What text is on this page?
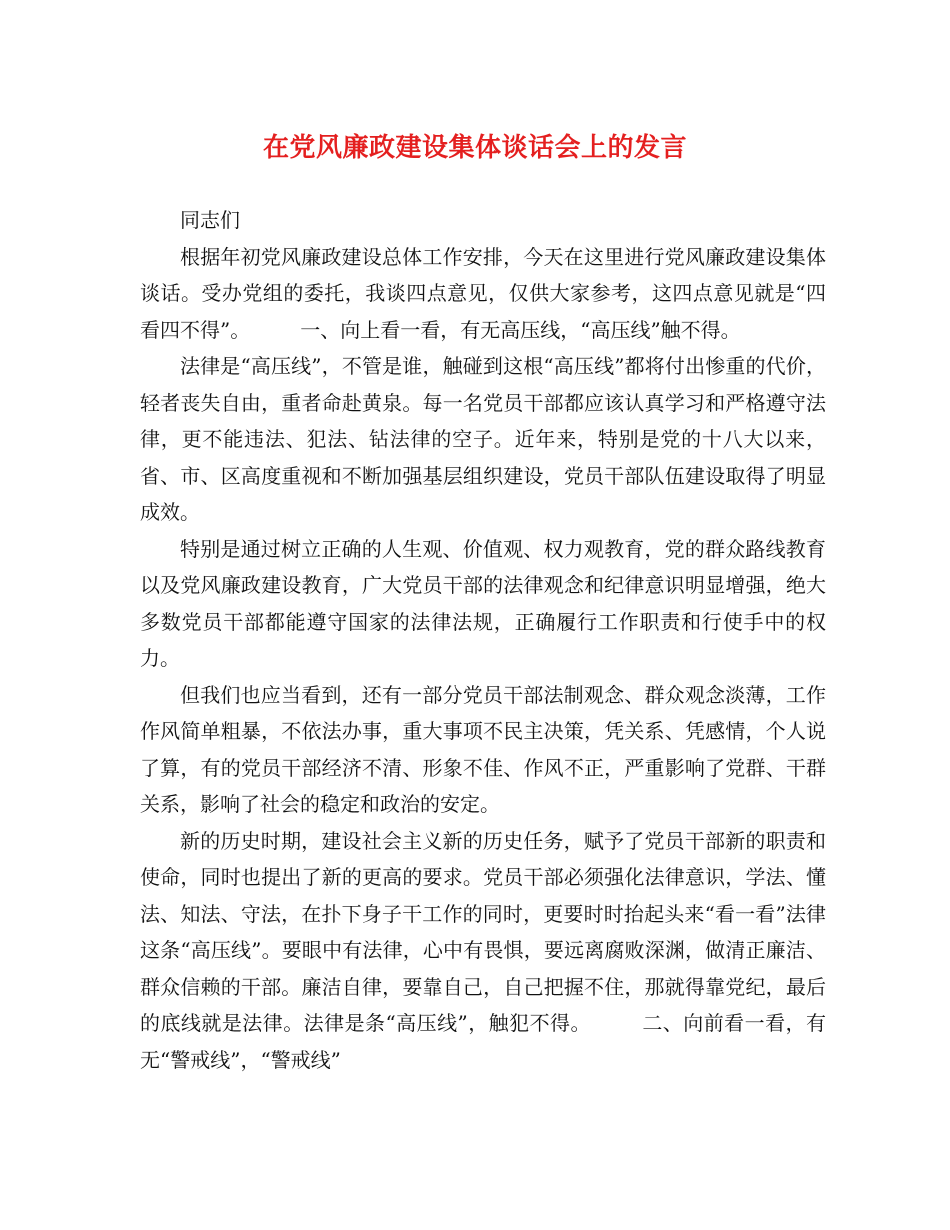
在党风廉政建设集体谈话会上的发言

同志们

根据年初党风廉政建设总体工作安排，今天在这里进行党风廉政建设集体谈话。受办党组的委托，我谈四点意见，仅供大家参考，这四点意见就是“四看四不得”。　　　一、向上看一看，有无高压线，“高压线”触不得。

法律是“高压线”，不管是谁，触碰到这根“高压线”都将付出惨重的代价，轻者丧失自由，重者命赴黄泉。每一名党员干部都应该认真学习和严格遵守法律，更不能违法、犯法、钻法律的空子。近年来，特别是党的十八大以来，省、市、区高度重视和不断加强基层组织建设，党员干部队伍建设取得了明显成效。

特别是通过树立正确的人生观、价值观、权力观教育，党的群众路线教育以及党风廉政建设教育，广大党员干部的法律观念和纪律意识明显增强，绝大多数党员干部都能遵守国家的法律法规，正确履行工作职责和行使手中的权力。

但我们也应当看到，还有一部分党员干部法制观念、群众观念淡薄，工作作风简单粗暴，不依法办事，重大事项不民主决策，凭关系、凭感情，个人说了算，有的党员干部经济不清、形象不佳、作风不正，严重影响了党群、干群关系，影响了社会的稳定和政治的安定。

新的历史时期，建设社会主义新的历史任务，赋予了党员干部新的职责和使命，同时也提出了新的更高的要求。党员干部必须强化法律意识，学法、懂法、知法、守法，在扑下身子干工作的同时，更要时时抬起头来“看一看”法律这条“高压线”。要眼中有法律，心中有畏惧，要远离腐败深渊，做清正廉洁、群众信赖的干部。廉洁自律，要靠自己，自己把握不住，那就得靠党纪，最后的底线就是法律。法律是条“高压线”，触犯不得。　　　二、向前看一看，有无“警戒线”，“警戒线”
